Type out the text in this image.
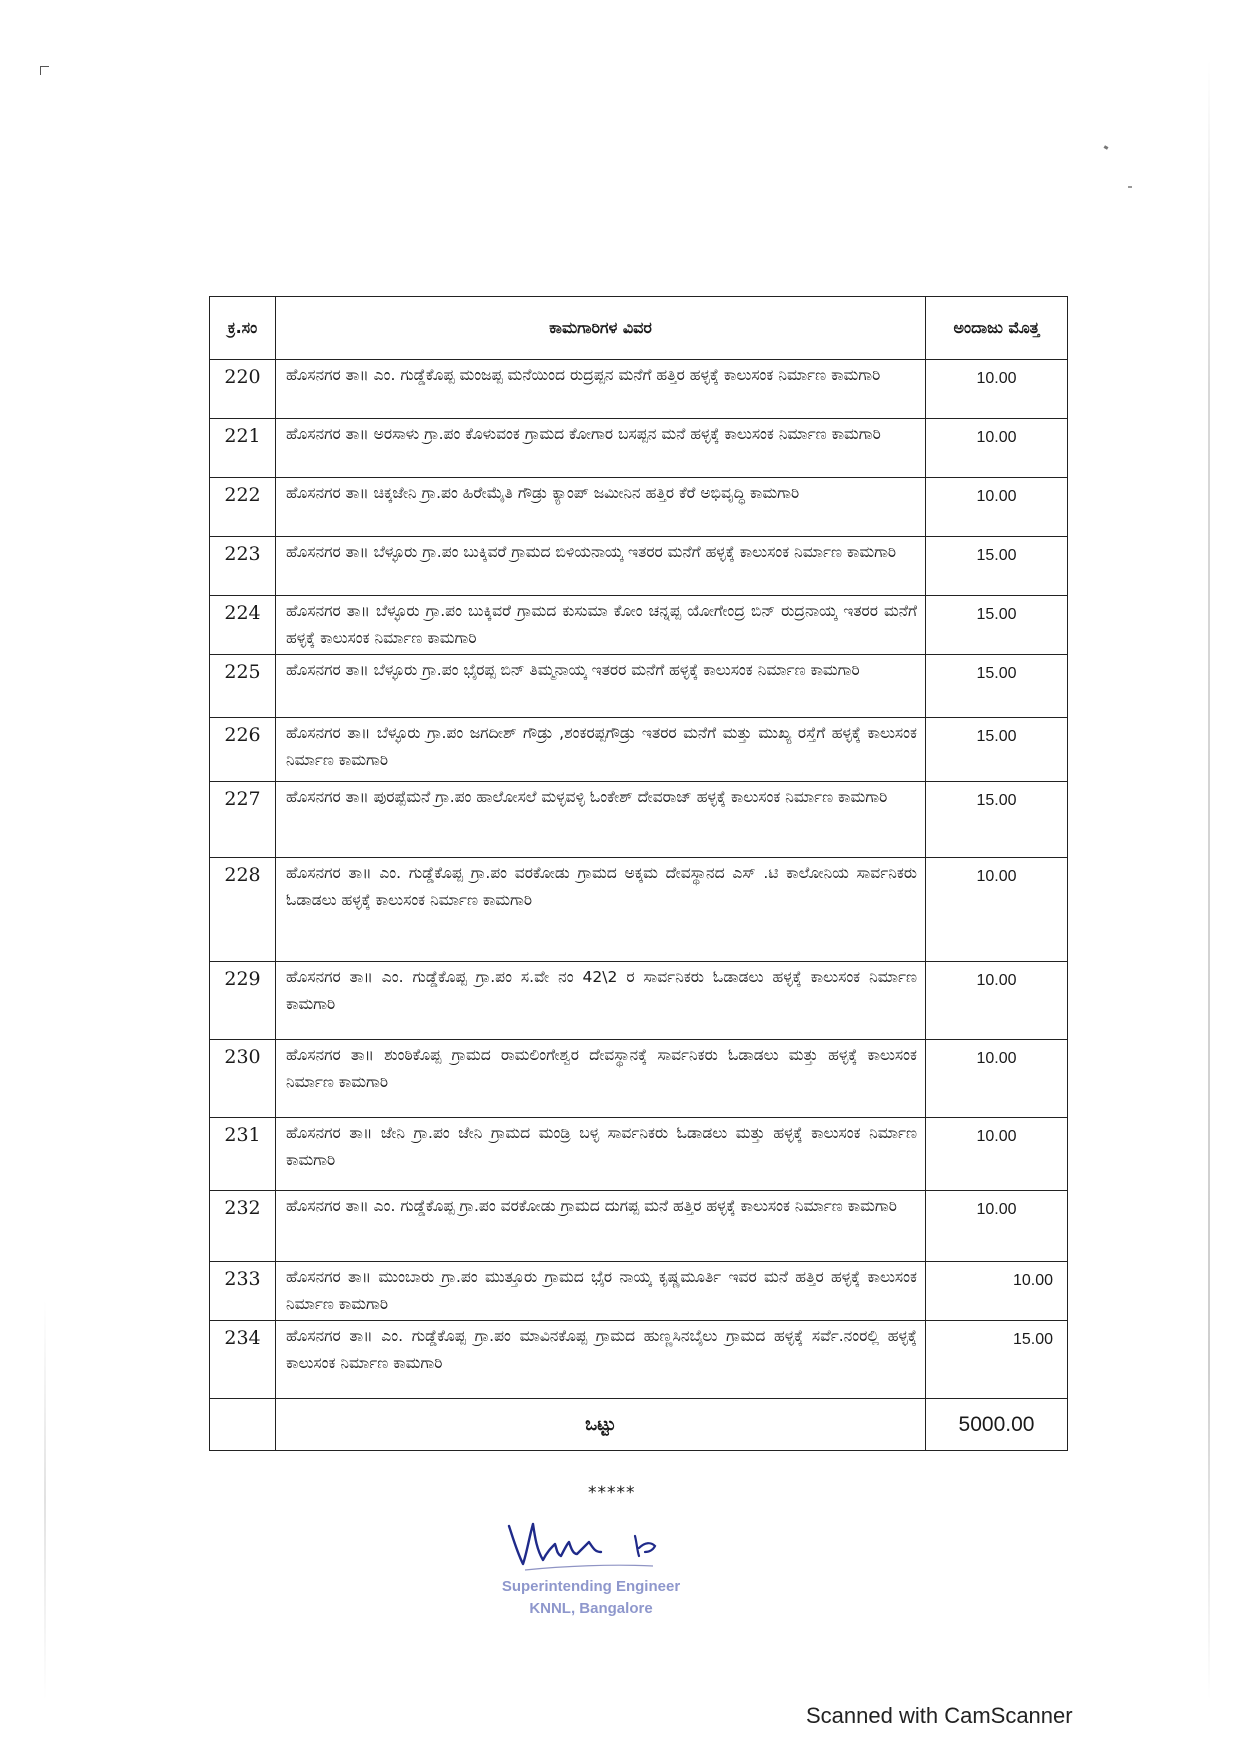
ಕ್ರ.ಸಂ	ಕಾಮಗಾರಿಗಳ ವಿವರ	ಅಂದಾಜು ಮೊತ್ತ
220	ಹೊಸನಗರ ತಾ॥ ಎಂ. ಗುಡ್ಡೆಕೊಪ್ಪ ಮಂಜಪ್ಪ ಮನೆಯಿಂದ ರುದ್ರಪ್ಪನ ಮನೆಗೆ ಹತ್ತಿರ ಹಳ್ಳಕ್ಕೆ ಕಾಲುಸಂಕ ನಿರ್ಮಾಣ ಕಾಮಗಾರಿ	10.00
221	ಹೊಸನಗರ ತಾ॥ ಅರಸಾಳು ಗ್ರಾ.ಪಂ ಕೊಳುವಂಕ ಗ್ರಾಮದ ಕೋಗಾರ ಬಸಪ್ಪನ ಮನೆ ಹಳ್ಳಕ್ಕೆ ಕಾಲುಸಂಕ ನಿರ್ಮಾಣ ಕಾಮಗಾರಿ	10.00
222	ಹೊಸನಗರ ತಾ॥ ಚಿಕ್ಕಜೇನಿ ಗ್ರಾ.ಪಂ ಹಿರೇಮೈತಿ ಗೌಡ್ರು ಕ್ಯಾಂಪ್ ಜಮೀನಿನ ಹತ್ತಿರ ಕೆರೆ ಅಭಿವೃದ್ಧಿ ಕಾಮಗಾರಿ	10.00
223	ಹೊಸನಗರ ತಾ॥ ಬೆಳ್ಳೂರು ಗ್ರಾ.ಪಂ ಬುಕ್ಕಿವರೆ ಗ್ರಾಮದ ಬಿಳಿಯನಾಯ್ಕ ಇತರರ ಮನೆಗೆ ಹಳ್ಳಕ್ಕೆ ಕಾಲುಸಂಕ ನಿರ್ಮಾಣ ಕಾಮಗಾರಿ	15.00
224	ಹೊಸನಗರ ತಾ॥ ಬೆಳ್ಳೂರು ಗ್ರಾ.ಪಂ ಬುಕ್ಕಿವರೆ ಗ್ರಾಮದ ಕುಸುಮಾ ಕೋಂ ಚನ್ನಪ್ಪ ಯೋಗೇಂದ್ರ ಬಿನ್ ರುದ್ರನಾಯ್ಕ ಇತರರ ಮನೆಗೆ ಹಳ್ಳಕ್ಕೆ ಕಾಲುಸಂಕ ನಿರ್ಮಾಣ ಕಾಮಗಾರಿ	15.00
225	ಹೊಸನಗರ ತಾ॥ ಬೆಳ್ಳೂರು ಗ್ರಾ.ಪಂ ಭೈರಪ್ಪ ಬಿನ್ ತಿಮ್ಮನಾಯ್ಕ ಇತರರ ಮನೆಗೆ ಹಳ್ಳಕ್ಕೆ ಕಾಲುಸಂಕ ನಿರ್ಮಾಣ ಕಾಮಗಾರಿ	15.00
226	ಹೊಸನಗರ ತಾ॥ ಬೆಳ್ಳೂರು ಗ್ರಾ.ಪಂ ಜಗದೀಶ್ ಗೌಡ್ರು ,ಶಂಕರಪ್ಪಗೌಡ್ರು ಇತರರ ಮನೆಗೆ ಮತ್ತು ಮುಖ್ಯ ರಸ್ತೆಗೆ ಹಳ್ಳಕ್ಕೆ ಕಾಲುಸಂಕ ನಿರ್ಮಾಣ ಕಾಮಗಾರಿ	15.00
227	ಹೊಸನಗರ ತಾ॥ ಪುರಪ್ಪೆಮನೆ ಗ್ರಾ.ಪಂ ಹಾಲೋಸಲೆ ಮಳ್ಳವಳ್ಳಿ ಓಂಕೇಶ್ ದೇವರಾಜ್ ಹಳ್ಳಕ್ಕೆ ಕಾಲುಸಂಕ ನಿರ್ಮಾಣ ಕಾಮಗಾರಿ	15.00
228	ಹೊಸನಗರ ತಾ॥ ಎಂ. ಗುಡ್ಡೆಕೊಪ್ಪ ಗ್ರಾ.ಪಂ ವರಕೋಡು ಗ್ರಾಮದ ಅಕ್ಕಮ ದೇವಸ್ಥಾನದ ಎಸ್ .ಟಿ ಕಾಲೋನಿಯ ಸಾರ್ವನಿಕರು ಓಡಾಡಲು ಹಳ್ಳಕ್ಕೆ ಕಾಲುಸಂಕ ನಿರ್ಮಾಣ ಕಾಮಗಾರಿ	10.00
229	ಹೊಸನಗರ ತಾ॥ ಎಂ. ಗುಡ್ಡೆಕೊಪ್ಪ ಗ್ರಾ.ಪಂ ಸ.ವೇ ನಂ 42\2 ರ ಸಾರ್ವನಿಕರು ಓಡಾಡಲು ಹಳ್ಳಕ್ಕೆ ಕಾಲುಸಂಕ ನಿರ್ಮಾಣ ಕಾಮಗಾರಿ	10.00
230	ಹೊಸನಗರ ತಾ॥ ಶುಂಠಿಕೊಪ್ಪ ಗ್ರಾಮದ ರಾಮಲಿಂಗೇಶ್ವರ ದೇವಸ್ಥಾನಕ್ಕೆ ಸಾರ್ವನಿಕರು ಓಡಾಡಲು ಮತ್ತು ಹಳ್ಳಕ್ಕೆ ಕಾಲುಸಂಕ ನಿರ್ಮಾಣ ಕಾಮಗಾರಿ	10.00
231	ಹೊಸನಗರ ತಾ॥ ಜೇನಿ ಗ್ರಾ.ಪಂ ಜೇನಿ ಗ್ರಾಮದ ಮಂಡ್ರಿ ಬಳ್ಳ ಸಾರ್ವನಿಕರು ಓಡಾಡಲು ಮತ್ತು ಹಳ್ಳಕ್ಕೆ ಕಾಲುಸಂಕ ನಿರ್ಮಾಣ ಕಾಮಗಾರಿ	10.00
232	ಹೊಸನಗರ ತಾ॥ ಎಂ. ಗುಡ್ಡೆಕೊಪ್ಪ ಗ್ರಾ.ಪಂ ವರಕೋಡು ಗ್ರಾಮದ ದುಗಪ್ಪ ಮನೆ ಹತ್ತಿರ ಹಳ್ಳಕ್ಕೆ ಕಾಲುಸಂಕ ನಿರ್ಮಾಣ ಕಾಮಗಾರಿ	10.00
233	ಹೊಸನಗರ ತಾ॥ ಮುಂಬಾರು ಗ್ರಾ.ಪಂ ಮುತ್ತೂರು ಗ್ರಾಮದ ಭೈರ ನಾಯ್ಕ ಕೃಷ್ಣಮೂರ್ತಿ ಇವರ ಮನೆ ಹತ್ತಿರ ಹಳ್ಳಕ್ಕೆ ಕಾಲುಸಂಕ ನಿರ್ಮಾಣ ಕಾಮಗಾರಿ	10.00
234	ಹೊಸನಗರ ತಾ॥ ಎಂ. ಗುಡ್ಡೆಕೊಪ್ಪ ಗ್ರಾ.ಪಂ ಮಾವಿನಕೊಪ್ಪ ಗ್ರಾಮದ ಹುಣ್ಣಸಿನಬೈಲು ಗ್ರಾಮದ ಹಳ್ಳಕ್ಕೆ ಸರ್ವೆ.ನಂರಲ್ಲಿ ಹಳ್ಳಕ್ಕೆ ಕಾಲುಸಂಕ ನಿರ್ಮಾಣ ಕಾಮಗಾರಿ	15.00
	ಒಟ್ಟು	5000.00
*****
Superintending Engineer
KNNL, Bangalore
Scanned with CamScanner
